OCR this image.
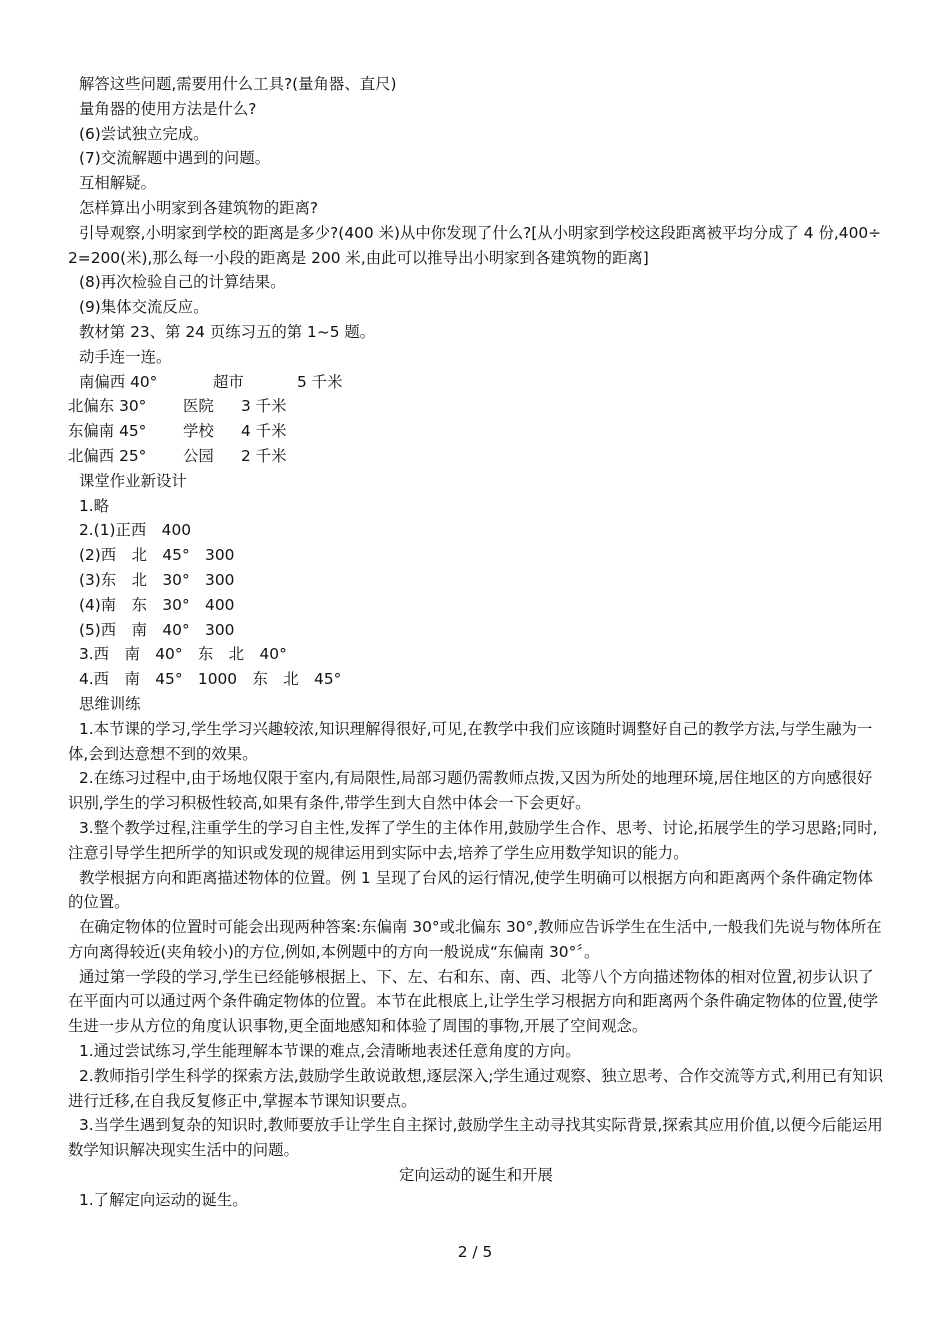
解答这些问题,需要用什么工具?(量角器、直尺)

量角器的使用方法是什么?

(6)尝试独立完成。

(7)交流解题中遇到的问题。

互相解疑。

怎样算出小明家到各建筑物的距离?

引导观察,小明家到学校的距离是多少?(400 米)从中你发现了什么?[从小明家到学校这段距离被平均分成了 4 份,400÷2=200(米),那么每一小段的距离是 200 米,由此可以推导出小明家到各建筑物的距离]

(8)再次检验自己的计算结果。

(9)集体交流反应。

教材第 23、第 24 页练习五的第 1~5 题。

动手连一连。

南偏西 40°	超市	5 千米
北偏东 30°	医院	3 千米
东偏南 45°	学校	4 千米
北偏西 25°	公园	2 千米

课堂作业新设计

1.略

2.(1)正西　400

(2)西　北　45°　300

(3)东　北　30°　300

(4)南　东　30°　400

(5)西　南　40°　300

3.西　南　40°　东　北　40°

4.西　南　45°　1000　东　北　45°

思维训练

1.本节课的学习,学生学习兴趣较浓,知识理解得很好,可见,在教学中我们应该随时调整好自己的教学方法,与学生融为一体,会到达意想不到的效果。

2.在练习过程中,由于场地仅限于室内,有局限性,局部习题仍需教师点拨,又因为所处的地理环境,居住地区的方向感很好识别,学生的学习积极性较高,如果有条件,带学生到大自然中体会一下会更好。

3.整个教学过程,注重学生的学习自主性,发挥了学生的主体作用,鼓励学生合作、思考、讨论,拓展学生的学习思路;同时,注意引导学生把所学的知识或发现的规律运用到实际中去,培养了学生应用数学知识的能力。

教学根据方向和距离描述物体的位置。例 1 呈现了台风的运行情况,使学生明确可以根据方向和距离两个条件确定物体的位置。

在确定物体的位置时可能会出现两种答案:东偏南 30°或北偏东 30°,教师应告诉学生在生活中,一般我们先说与物体所在方向离得较近(夹角较小)的方位,例如,本例题中的方向一般说成“东偏南 30°〞。

通过第一学段的学习,学生已经能够根据上、下、左、右和东、南、西、北等八个方向描述物体的相对位置,初步认识了在平面内可以通过两个条件确定物体的位置。本节在此根底上,让学生学习根据方向和距离两个条件确定物体的位置,使学生进一步从方位的角度认识事物,更全面地感知和体验了周围的事物,开展了空间观念。

1.通过尝试练习,学生能理解本节课的难点,会清晰地表述任意角度的方向。

2.教师指引学生科学的探索方法,鼓励学生敢说敢想,逐层深入;学生通过观察、独立思考、合作交流等方式,利用已有知识进行迁移,在自我反复修正中,掌握本节课知识要点。

3.当学生遇到复杂的知识时,教师要放手让学生自主探讨,鼓励学生主动寻找其实际背景,探索其应用价值,以便今后能运用数学知识解决现实生活中的问题。

定向运动的诞生和开展

1.了解定向运动的诞生。

2 / 5
